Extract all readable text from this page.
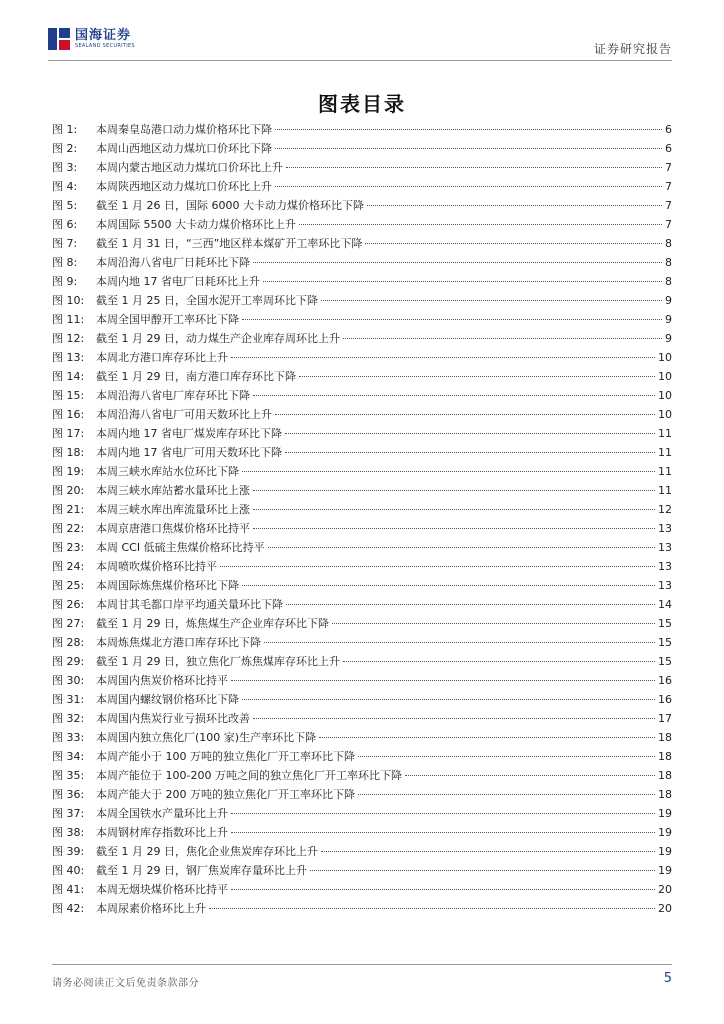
国海证券
SEALAND SECURITIES	证券研究报告
图表目录
图 1:	本周秦皇岛港口动力煤价格环比下降	6
图 2:	本周山西地区动力煤坑口价环比下降	6
图 3:	本周内蒙古地区动力煤坑口价环比上升	7
图 4:	本周陕西地区动力煤坑口价环比上升	7
图 5:	截至 1 月 26 日，国际 6000 大卡动力煤价格环比下降	7
图 6:	本周国际 5500 大卡动力煤价格环比上升	7
图 7:	截至 1 月 31 日，“三西”地区样本煤矿开工率环比下降	8
图 8:	本周沿海八省电厂日耗环比下降	8
图 9:	本周内地 17 省电厂日耗环比上升	8
图 10:	截至 1 月 25 日，全国水泥开工率周环比下降	9
图 11:	本周全国甲醇开工率环比下降	9
图 12:	截至 1 月 29 日，动力煤生产企业库存周环比上升	9
图 13:	本周北方港口库存环比上升	10
图 14:	截至 1 月 29 日，南方港口库存环比下降	10
图 15:	本周沿海八省电厂库存环比下降	10
图 16:	本周沿海八省电厂可用天数环比上升	10
图 17:	本周内地 17 省电厂煤炭库存环比下降	11
图 18:	本周内地 17 省电厂可用天数环比下降	11
图 19:	本周三峡水库站水位环比下降	11
图 20:	本周三峡水库站蓄水量环比上涨	11
图 21:	本周三峡水库出库流量环比上涨	12
图 22:	本周京唐港口焦煤价格环比持平	13
图 23:	本周 CCI 低硫主焦煤价格环比持平	13
图 24:	本周喷吹煤价格环比持平	13
图 25:	本周国际炼焦煤价格环比下降	13
图 26:	本周甘其毛都口岸平均通关量环比下降	14
图 27:	截至 1 月 29 日，炼焦煤生产企业库存环比下降	15
图 28:	本周炼焦煤北方港口库存环比下降	15
图 29:	截至 1 月 29 日，独立焦化厂炼焦煤库存环比上升	15
图 30:	本周国内焦炭价格环比持平	16
图 31:	本周国内螺纹钢价格环比下降	16
图 32:	本周国内焦炭行业亏损环比改善	17
图 33:	本周国内独立焦化厂(100 家)生产率环比下降	18
图 34:	本周产能小于 100 万吨的独立焦化厂开工率环比下降	18
图 35:	本周产能位于 100-200 万吨之间的独立焦化厂开工率环比下降	18
图 36:	本周产能大于 200 万吨的独立焦化厂开工率环比下降	18
图 37:	本周全国铁水产量环比上升	19
图 38:	本周钢材库存指数环比上升	19
图 39:	截至 1 月 29 日，焦化企业焦炭库存环比上升	19
图 40:	截至 1 月 29 日，钢厂焦炭库存量环比上升	19
图 41:	本周无烟块煤价格环比持平	20
图 42:	本周尿素价格环比上升	20
请务必阅读正文后免责条款部分	5
